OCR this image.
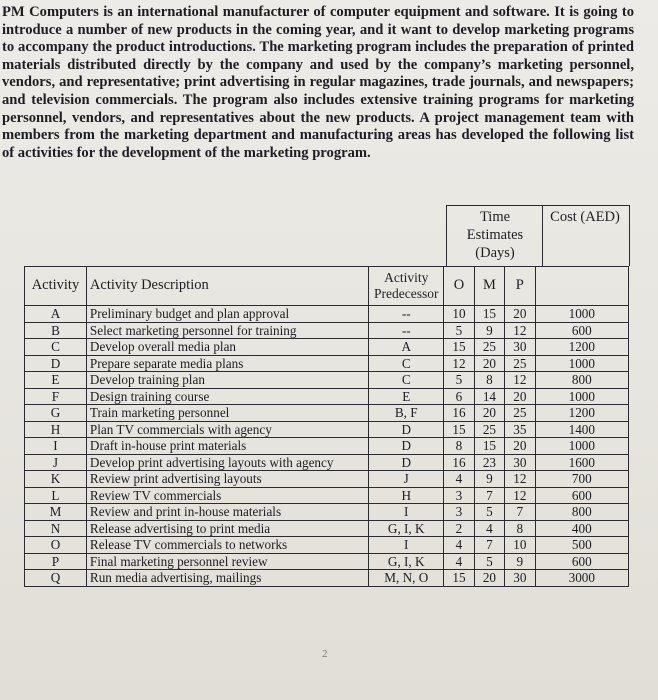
PM Computers is an international manufacturer of computer equipment and software. It is going to introduce a number of new products in the coming year, and it want to develop marketing programs to accompany the product introductions. The marketing program includes the preparation of printed materials distributed directly by the company and used by the company’s marketing personnel, vendors, and representative; print advertising in regular magazines, trade journals, and newspapers; and television commercials. The program also includes extensive training programs for marketing personnel, vendors, and representatives about the new products. A project management team with members from the marketing department and manufacturing areas has developed the following list of activities for the development of the marketing program.

Time Estimates (Days)
Cost (AED)
Activity	Activity Description	Activity Predecessor	O	M	P	
A	Preliminary budget and plan approval	--	10	15	20	1000
B	Select marketing personnel for training	--	5	9	12	600
C	Develop overall media plan	A	15	25	30	1200
D	Prepare separate media plans	C	12	20	25	1000
E	Develop training plan	C	5	8	12	800
F	Design training course	E	6	14	20	1000
G	Train marketing personnel	B, F	16	20	25	1200
H	Plan TV commercials with agency	D	15	25	35	1400
I	Draft in-house print materials	D	8	15	20	1000
J	Develop print advertising layouts with agency	D	16	23	30	1600
K	Review print advertising layouts	J	4	9	12	700
L	Review TV commercials	H	3	7	12	600
M	Review and print in-house materials	I	3	5	7	800
N	Release advertising to print media	G, I, K	2	4	8	400
O	Release TV commercials to networks	I	4	7	10	500
P	Final marketing personnel review	G, I, K	4	5	9	600
Q	Run media advertising, mailings	M, N, O	15	20	30	3000
2
